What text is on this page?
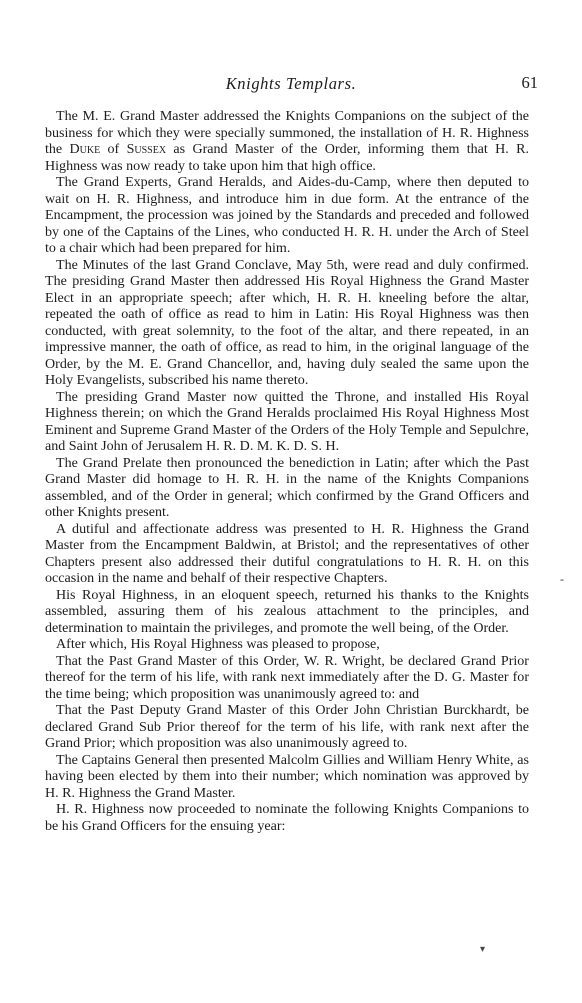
Knights Templars.	61

The M. E. Grand Master addressed the Knights Companions on the subject of the business for which they were specially summoned, the installation of H. R. Highness the Duke of Sussex as Grand Master of the Order, informing them that H. R. Highness was now ready to take upon him that high office.

The Grand Experts, Grand Heralds, and Aides-du-Camp, where then deputed to wait on H. R. Highness, and introduce him in due form. At the entrance of the Encampment, the procession was joined by the Standards and preceded and followed by one of the Captains of the Lines, who conducted H. R. H. under the Arch of Steel to a chair which had been prepared for him.

The Minutes of the last Grand Conclave, May 5th, were read and duly confirmed. The presiding Grand Master then addressed His Royal Highness the Grand Master Elect in an appropriate speech; after which, H. R. H. kneeling before the altar, repeated the oath of office as read to him in Latin: His Royal Highness was then conducted, with great solemnity, to the foot of the altar, and there repeated, in an impressive manner, the oath of office, as read to him, in the original language of the Order, by the M. E. Grand Chancellor, and, having duly sealed the same upon the Holy Evangelists, subscribed his name thereto.

The presiding Grand Master now quitted the Throne, and installed His Royal Highness therein; on which the Grand Heralds proclaimed His Royal Highness Most Eminent and Supreme Grand Master of the Orders of the Holy Temple and Sepulchre, and Saint John of Jerusalem H. R. D. M. K. D. S. H.

The Grand Prelate then pronounced the benediction in Latin; after which the Past Grand Master did homage to H. R. H. in the name of the Knights Companions assembled, and of the Order in general; which confirmed by the Grand Officers and other Knights present.

A dutiful and affectionate address was presented to H. R. Highness the Grand Master from the Encampment Baldwin, at Bristol; and the representatives of other Chapters present also addressed their dutiful congratulations to H. R. H. on this occasion in the name and behalf of their respective Chapters.

His Royal Highness, in an eloquent speech, returned his thanks to the Knights assembled, assuring them of his zealous attachment to the principles, and determination to maintain the privileges, and promote the well being, of the Order.

After which, His Royal Highness was pleased to propose,

That the Past Grand Master of this Order, W. R. Wright, be declared Grand Prior thereof for the term of his life, with rank next immediately after the D. G. Master for the time being; which proposition was unanimously agreed to: and

That the Past Deputy Grand Master of this Order John Christian Burckhardt, be declared Grand Sub Prior thereof for the term of his life, with rank next after the Grand Prior; which proposition was also unanimously agreed to.

The Captains General then presented Malcolm Gillies and William Henry White, as having been elected by them into their number; which nomination was approved by H. R. Highness the Grand Master.

H. R. Highness now proceeded to nominate the following Knights Companions to be his Grand Officers for the ensuing year:

-
▾
